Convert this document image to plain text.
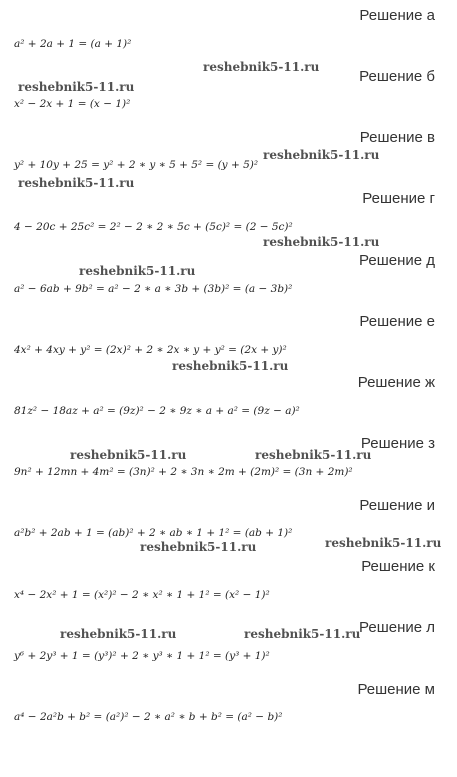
Решение а
Решение б
Решение в
Решение г
Решение д
Решение е
Решение ж
Решение з
Решение и
Решение к
Решение л
Решение м
a² + 2a + 1 = (a + 1)²
x² − 2x + 1 = (x − 1)²
y² + 10y + 25 = y² + 2 ∗ y ∗ 5 + 5² = (y + 5)²
4 − 20c + 25c² = 2² − 2 ∗ 2 ∗ 5c + (5c)² = (2 − 5c)²
a² − 6ab + 9b² = a² − 2 ∗ a ∗ 3b + (3b)² = (a − 3b)²
4x² + 4xy + y² = (2x)² + 2 ∗ 2x ∗ y + y² = (2x + y)²
81z² − 18az + a² = (9z)² − 2 ∗ 9z ∗ a + a² = (9z − a)²
9n² + 12mn + 4m² = (3n)² + 2 ∗ 3n ∗ 2m + (2m)² = (3n + 2m)²
a²b² + 2ab + 1 = (ab)² + 2 ∗ ab ∗ 1 + 1² = (ab + 1)²
x⁴ − 2x² + 1 = (x²)² − 2 ∗ x² ∗ 1 + 1² = (x² − 1)²
y⁶ + 2y³ + 1 = (y³)² + 2 ∗ y³ ∗ 1 + 1² = (y³ + 1)²
a⁴ − 2a²b + b² = (a²)² − 2 ∗ a² ∗ b + b² = (a² − b)²
reshebnik5-11.ru
reshebnik5-11.ru
reshebnik5-11.ru
reshebnik5-11.ru
reshebnik5-11.ru
reshebnik5-11.ru
reshebnik5-11.ru
reshebnik5-11.ru	reshebnik5-11.ru
reshebnik5-11.ru	reshebnik5-11.ru
reshebnik5-11.ru	reshebnik5-11.ru
